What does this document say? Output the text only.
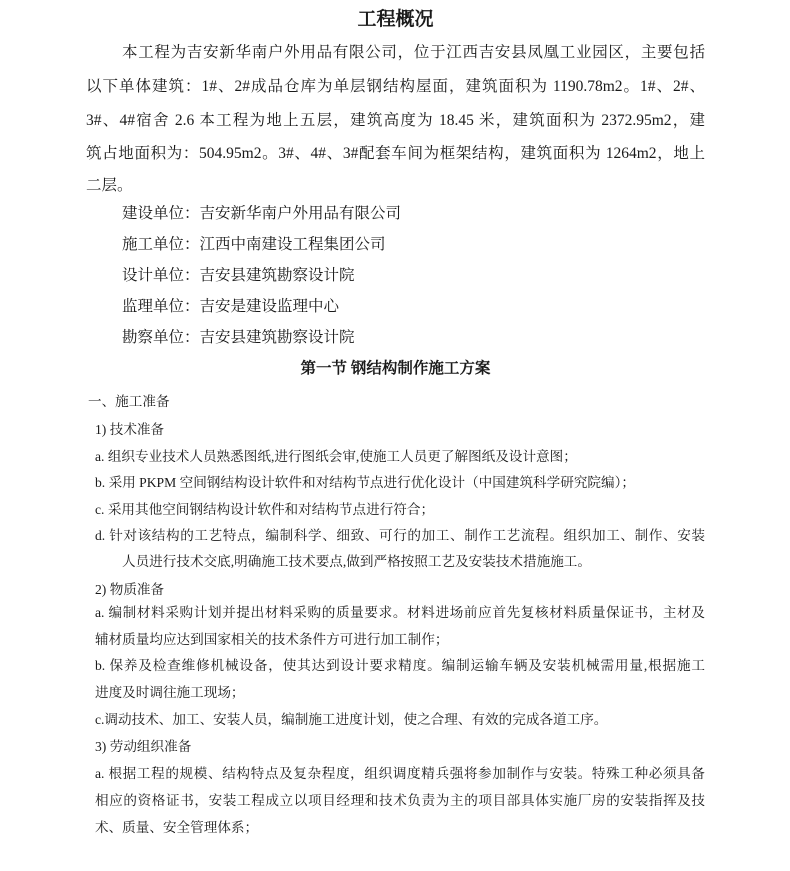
工程概况
本工程为吉安新华南户外用品有限公司，位于江西吉安县凤凰工业园区，主要包括
以下单体建筑：1#、2#成品仓库为单层钢结构屋面，建筑面积为 1190.78m2。1#、2#、
3#、4#宿舍 2.6 本工程为地上五层，建筑高度为 18.45 米，建筑面积为 2372.95m2，建
筑占地面积为：504.95m2。3#、4#、3#配套车间为框架结构，建筑面积为 1264m2，地上
二层。
建设单位：吉安新华南户外用品有限公司
施工单位：江西中南建设工程集团公司
设计单位：吉安县建筑勘察设计院
监理单位：吉安是建设监理中心
勘察单位：吉安县建筑勘察设计院
第一节 钢结构制作施工方案
一、施工准备
1) 技术准备
a. 组织专业技术人员熟悉图纸,进行图纸会审,使施工人员更了解图纸及设计意图；
b. 采用 PKPM 空间钢结构设计软件和对结构节点进行优化设计（中国建筑科学研究院编）；
c. 采用其他空间钢结构设计软件和对结构节点进行符合；
d. 针对该结构的工艺特点，编制科学、细致、可行的加工、制作工艺流程。组织加工、制作、安装
人员进行技术交底,明确施工技术要点,做到严格按照工艺及安装技术措施施工。
2) 物质准备
a. 编制材料采购计划并提出材料采购的质量要求。材料进场前应首先复核材料质量保证书，主材及
辅材质量均应达到国家相关的技术条件方可进行加工制作；
b. 保养及检查维修机械设备，使其达到设计要求精度。编制运输车辆及安装机械需用量,根据施工
进度及时调往施工现场；
c.调动技术、加工、安装人员，编制施工进度计划，使之合理、有效的完成各道工序。
3) 劳动组织准备
a. 根据工程的规模、结构特点及复杂程度，组织调度精兵强将参加制作与安装。特殊工种必须具备
相应的资格证书，安装工程成立以项目经理和技术负责为主的项目部具体实施厂房的安装指挥及技
术、质量、安全管理体系；
